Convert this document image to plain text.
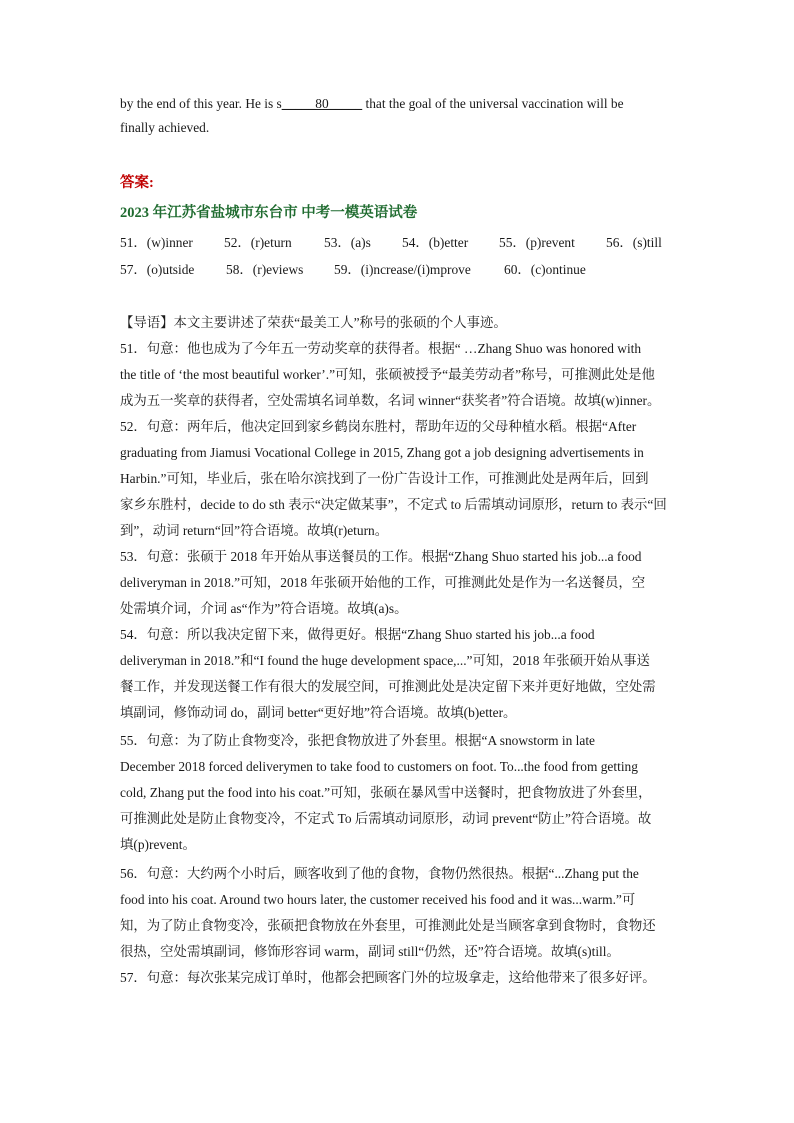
by the end of this year. He is s_____80_____ that the goal of the universal vaccination will be

finally achieved.

答案:

2023 年江苏省盐城市东台市 中考一模英语试卷

51．(w)inner 52．(r)eturn 53．(a)s 54．(b)etter 55．(p)revent 56．(s)till

57．(o)utside 58．(r)eviews 59．(i)ncrease/(i)mprove 60．(c)ontinue

【导语】本文主要讲述了荣获“最美工人”称号的张硕的个人事迹。

51．句意：他也成为了今年五一劳动奖章的获得者。根据“ …Zhang Shuo was honored with

the title of ‘the most beautiful worker’.”可知，张硕被授予“最美劳动者”称号，可推测此处是他

成为五一奖章的获得者，空处需填名词单数，名词 winner“获奖者”符合语境。故填(w)inner。

52．句意：两年后，他决定回到家乡鹤岗东胜村，帮助年迈的父母种植水稻。根据“After

graduating from Jiamusi Vocational College in 2015, Zhang got a job designing advertisements in

Harbin.”可知，毕业后，张在哈尔滨找到了一份广告设计工作，可推测此处是两年后，回到

家乡东胜村，decide to do sth 表示“决定做某事”，不定式 to 后需填动词原形，return to 表示“回

到”，动词 return“回”符合语境。故填(r)eturn。

53．句意：张硕于 2018 年开始从事送餐员的工作。根据“Zhang Shuo started his job...a food

deliveryman in 2018.”可知，2018 年张硕开始他的工作，可推测此处是作为一名送餐员，空

处需填介词，介词 as“作为”符合语境。故填(a)s。

54．句意：所以我决定留下来，做得更好。根据“Zhang Shuo started his job...a food

deliveryman in 2018.”和“I found the huge development space,...”可知，2018 年张硕开始从事送

餐工作，并发现送餐工作有很大的发展空间，可推测此处是决定留下来并更好地做，空处需

填副词，修饰动词 do，副词 better“更好地”符合语境。故填(b)etter。

55．句意：为了防止食物变冷，张把食物放进了外套里。根据“A snowstorm in late

December 2018 forced deliverymen to take food to customers on foot. To...the food from getting

cold, Zhang put the food into his coat.”可知，张硕在暴风雪中送餐时，把食物放进了外套里，

可推测此处是防止食物变冷，不定式 To 后需填动词原形，动词 prevent“防止”符合语境。故

填(p)revent。

56．句意：大约两个小时后，顾客收到了他的食物，食物仍然很热。根据“...Zhang put the

food into his coat. Around two hours later, the customer received his food and it was...warm.”可

知，为了防止食物变冷，张硕把食物放在外套里，可推测此处是当顾客拿到食物时，食物还

很热，空处需填副词，修饰形容词 warm，副词 still“仍然，还”符合语境。故填(s)till。

57．句意：每次张某完成订单时，他都会把顾客门外的垃圾拿走，这给他带来了很多好评。
